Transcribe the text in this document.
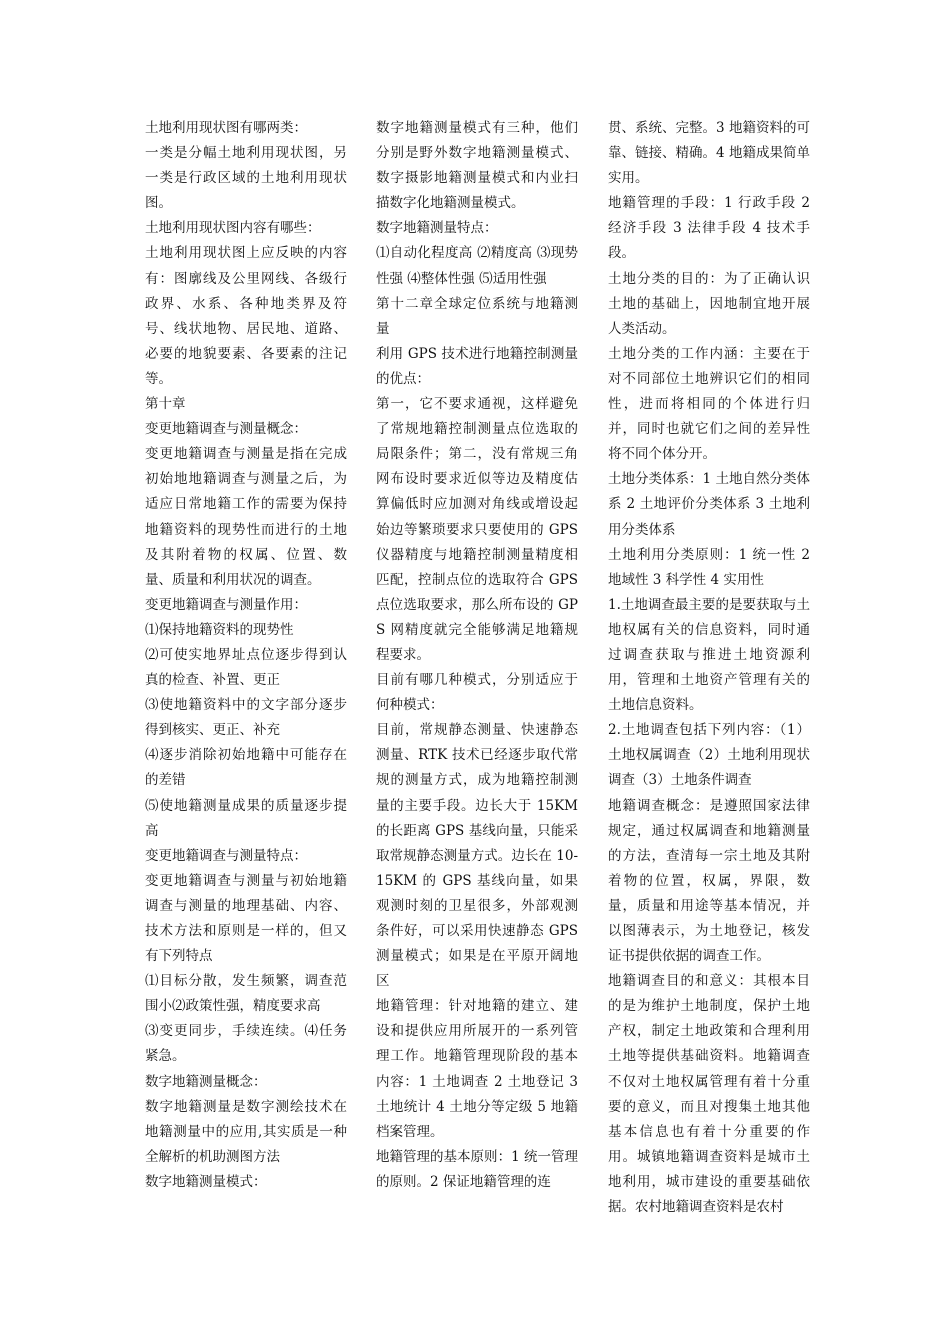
土地利用现状图有哪两类：

一类是分幅土地利用现状图，另一类是行政区域的土地利用现状图。

土地利用现状图内容有哪些：

土地利用现状图上应反映的内容有：图廓线及公里网线、各级行政界、水系、各种地类界及符号、线状地物、居民地、道路、必要的地貌要素、各要素的注记等。

第十章

变更地籍调查与测量概念：

变更地籍调查与测量是指在完成初始地地籍调查与测量之后，为适应日常地籍工作的需要为保持地籍资料的现势性而进行的土地及其附着物的权属、位置、数量、质量和利用状况的调查。

变更地籍调查与测量作用：

⑴保持地籍资料的现势性

⑵可使实地界址点位逐步得到认真的检查、补置、更正

⑶使地籍资料中的文字部分逐步得到核实、更正、补充

⑷逐步消除初始地籍中可能存在的差错

⑸使地籍测量成果的质量逐步提高

变更地籍调查与测量特点：

变更地籍调查与测量与初始地籍调查与测量的地理基础、内容、技术方法和原则是一样的，但又有下列特点

⑴目标分散，发生频繁，调查范围小⑵政策性强，精度要求高

⑶变更同步，手续连续。⑷任务紧急。

数字地籍测量概念：

数字地籍测量是数字测绘技术在地籍测量中的应用,其实质是一种全解析的机助测图方法

数字地籍测量模式：

数字地籍测量模式有三种，他们分别是野外数字地籍测量模式、数字摄影地籍测量模式和内业扫描数字化地籍测量模式。

数字地籍测量特点：

⑴自动化程度高 ⑵精度高 ⑶现势性强 ⑷整体性强 ⑸适用性强

第十二章全球定位系统与地籍测量

利用 GPS 技术进行地籍控制测量的优点：

第一，它不要求通视，这样避免了常规地籍控制测量点位选取的局限条件；第二，没有常规三角网布设时要求近似等边及精度估算偏低时应加测对角线或增设起始边等繁琐要求只要使用的 GPS 仪器精度与地籍控制测量精度相匹配，控制点位的选取符合 GPS 点位选取要求，那么所布设的 GPS 网精度就完全能够满足地籍规程要求。

目前有哪几种模式，分别适应于何种模式：

目前，常规静态测量、快速静态测量、RTK 技术已经逐步取代常规的测量方式，成为地籍控制测量的主要手段。边长大于 15KM 的长距离 GPS 基线向量，只能采取常规静态测量方式。边长在 10-15KM 的 GPS 基线向量，如果观测时刻的卫星很多，外部观测条件好，可以采用快速静态 GPS 测量模式；如果是在平原开阔地区

地籍管理：针对地籍的建立、建设和提供应用所展开的一系列管理工作。地籍管理现阶段的基本内容：1 土地调查 2 土地登记 3 土地统计 4 土地分等定级 5 地籍档案管理。

地籍管理的基本原则：1 统一管理的原则。2 保证地籍管理的连

贯、系统、完整。3 地籍资料的可靠、链接、精确。4 地籍成果简单实用。

地籍管理的手段：1 行政手段 2 经济手段 3 法律手段 4 技术手段。

土地分类的目的：为了正确认识土地的基础上，因地制宜地开展人类活动。

土地分类的工作内涵：主要在于对不同部位土地辨识它们的相同性，进而将相同的个体进行归并，同时也就它们之间的差异性将不同个体分开。

土地分类体系：1 土地自然分类体系 2 土地评价分类体系 3 土地利用分类体系

土地利用分类原则：1 统一性 2 地域性 3 科学性 4 实用性

1.土地调查最主要的是要获取与土地权属有关的信息资料，同时通过调查获取与推进土地资源利用，管理和土地资产管理有关的土地信息资料。

2.土地调查包括下列内容：（1）土地权属调查（2）土地利用现状调查（3）土地条件调查

地籍调查概念：是遵照国家法律规定，通过权属调查和地籍测量的方法，查清每一宗土地及其附着物的位置，权属，界限，数量，质量和用途等基本情况，并以图薄表示，为土地登记，核发证书提供依据的调查工作。

地籍调查目的和意义：其根本目的是为维护土地制度，保护土地产权，制定土地政策和合理利用土地等提供基础资料。地籍调查不仅对土地权属管理有着十分重要的意义，而且对搜集土地其他基本信息也有着十分重要的作用。城镇地籍调查资料是城市土地利用，城市建设的重要基础依据。农村地籍调查资料是农村
